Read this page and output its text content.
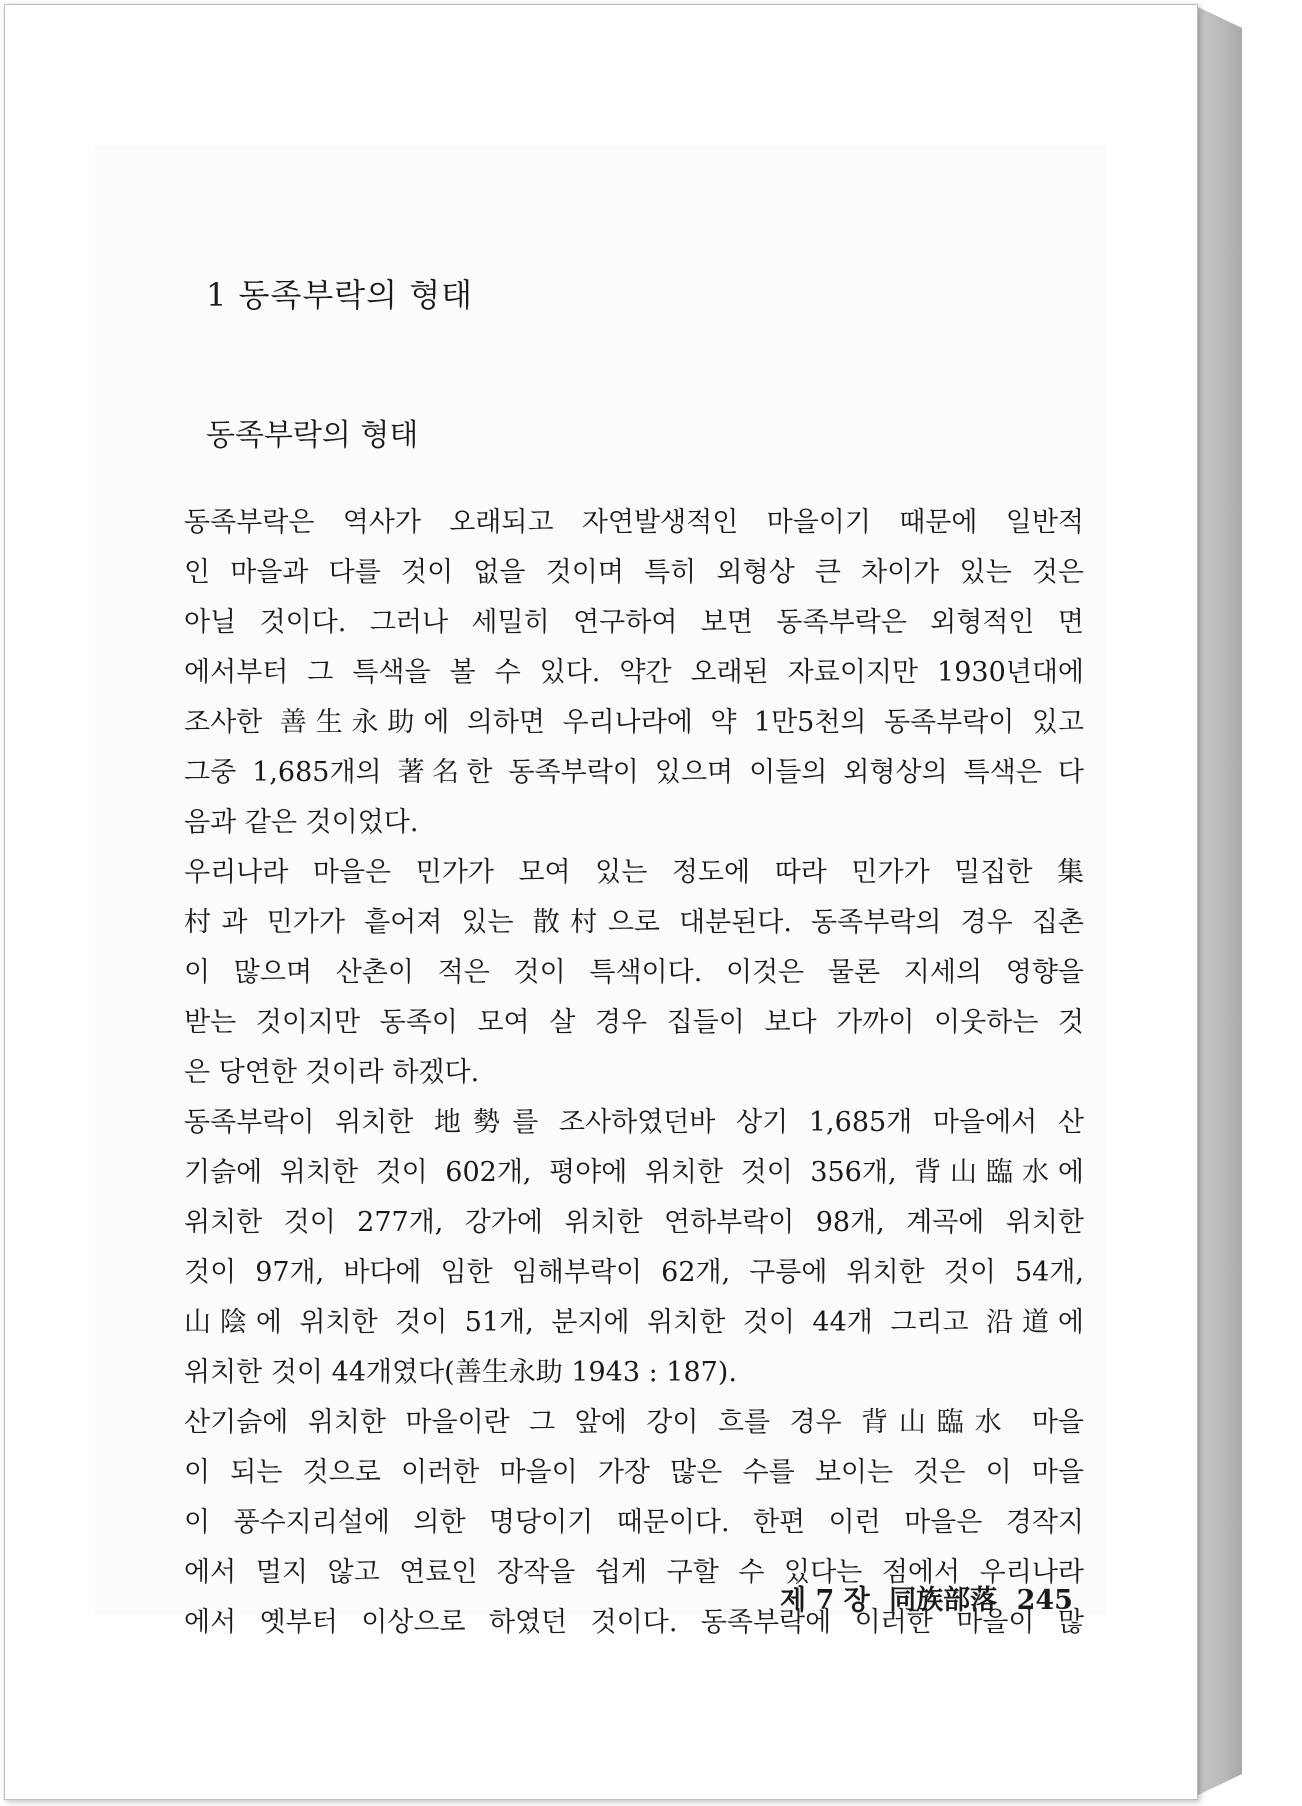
1 동족부락의 형태
동족부락의 형태
동족부락은 역사가 오래되고 자연발생적인 마을이기 때문에 일반적
인 마을과 다를 것이 없을 것이며 특히 외형상 큰 차이가 있는 것은
아닐 것이다. 그러나 세밀히 연구하여 보면 동족부락은 외형적인 면
에서부터 그 특색을 볼 수 있다. 약간 오래된 자료이지만 1930년대에
조사한 善生永助에 의하면 우리나라에 약 1만5천의 동족부락이 있고
그중 1,685개의 著名한 동족부락이 있으며 이들의 외형상의 특색은 다
음과 같은 것이었다.
우리나라 마을은 민가가 모여 있는 정도에 따라 민가가 밀집한 集
村과 민가가 흩어져 있는 散村으로 대분된다. 동족부락의 경우 집촌
이 많으며 산촌이 적은 것이 특색이다. 이것은 물론 지세의 영향을
받는 것이지만 동족이 모여 살 경우 집들이 보다 가까이 이웃하는 것
은 당연한 것이라 하겠다.
동족부락이 위치한 地勢를 조사하였던바 상기 1,685개 마을에서 산
기슭에 위치한 것이 602개, 평야에 위치한 것이 356개, 背山臨水에
위치한 것이 277개, 강가에 위치한 연하부락이 98개, 계곡에 위치한
것이 97개, 바다에 임한 임해부락이 62개, 구릉에 위치한 것이 54개,
山陰에 위치한 것이 51개, 분지에 위치한 것이 44개 그리고 沿道에
위치한 것이 44개였다(善生永助 1943 : 187).
산기슭에 위치한 마을이란 그 앞에 강이 흐를 경우 背山臨水 마을
이 되는 것으로 이러한 마을이 가장 많은 수를 보이는 것은 이 마을
이 풍수지리설에 의한 명당이기 때문이다. 한편 이런 마을은 경작지
에서 멀지 않고 연료인 장작을 쉽게 구할 수 있다는 점에서 우리나라
에서 옛부터 이상으로 하였던 것이다. 동족부락에 이러한 마을이 많
제 7 장 同族部落 245
